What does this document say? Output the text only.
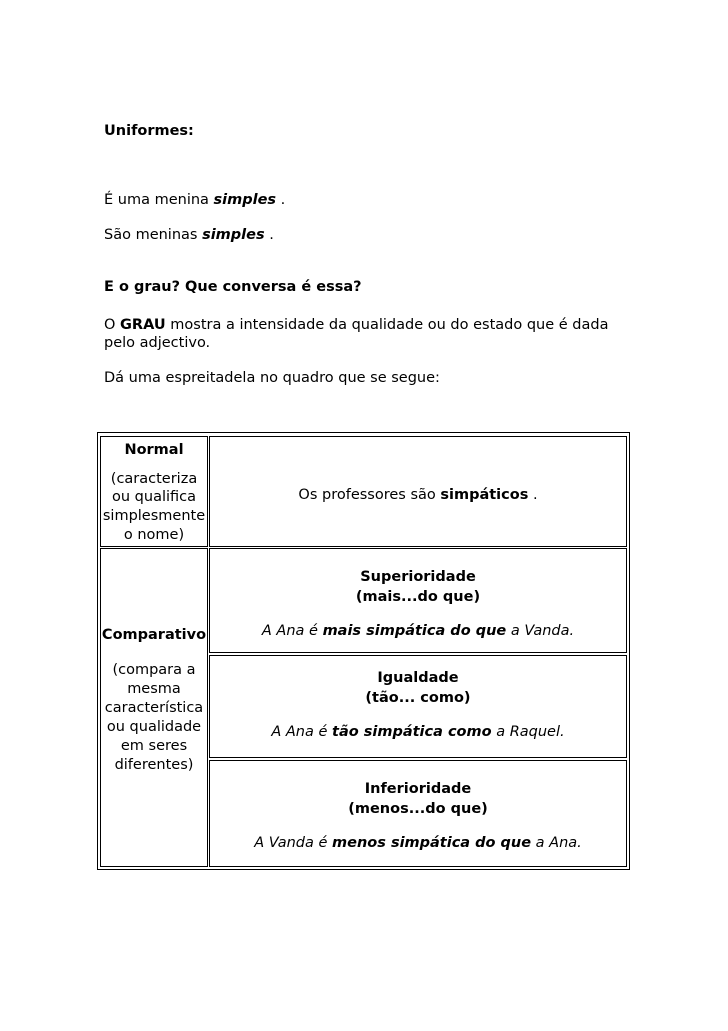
Uniformes:

É uma menina simples .

São meninas simples .

E o grau? Que conversa é essa?

O GRAU mostra a intensidade da qualidade ou do estado que é dada

pelo adjectivo.

Dá uma espreitadela no quadro que se segue:

Normal
(caracteriza
ou qualifica
simplesmente
o nome)
Os professores são simpáticos .
Comparativo
(compara a
mesma
característica
ou qualidade
em seres
diferentes)
Superioridade
(mais...do que)
A Ana é mais simpática do que a Vanda.
Igualdade
(tão... como)
A Ana é tão simpática como a Raquel.
Inferioridade
(menos...do que)
A Vanda é menos simpática do que a Ana.
